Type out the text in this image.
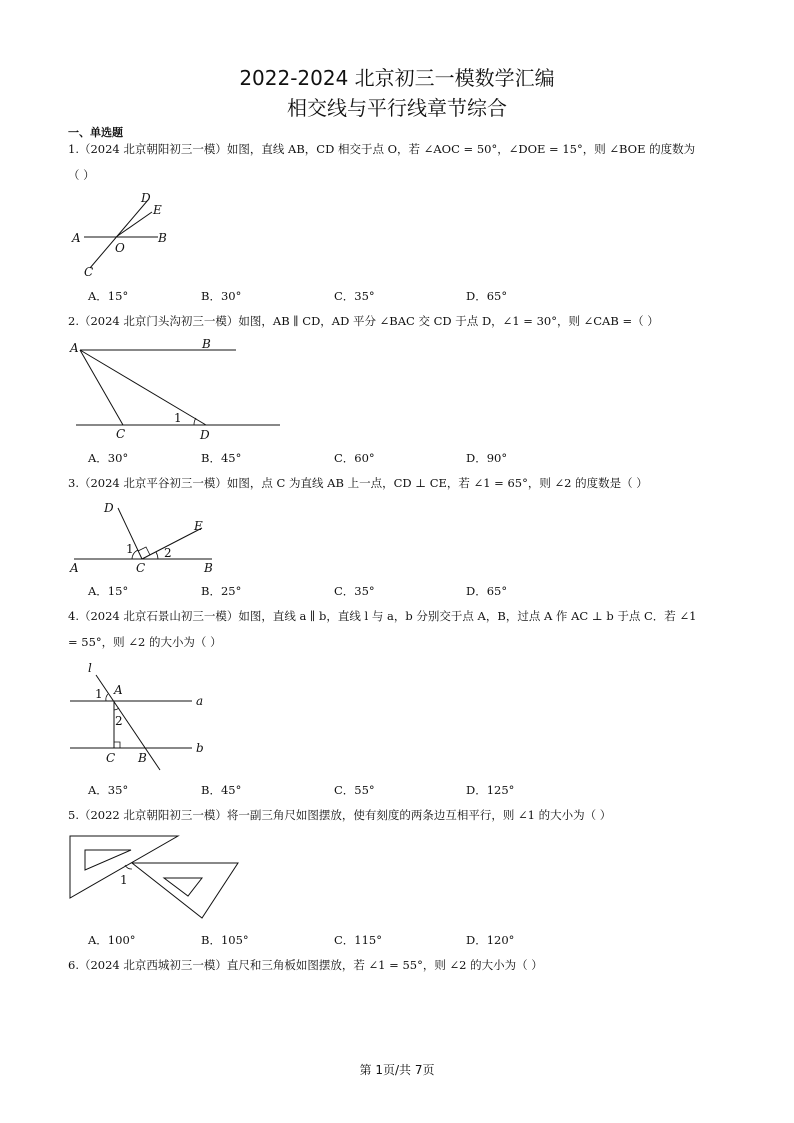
2022-2024 北京初三一模数学汇编
相交线与平行线章节综合
一、单选题
1.（2024 北京朝阳初三一模）如图，直线 AB，CD 相交于点 O，若 ∠AOC = 50°，∠DOE = 15°，则 ∠BOE 的度数为（ ）
A	B
C
D
E
O
A．15°	B．30°	C．35°	D．65°
2.（2024 北京门头沟初三一模）如图，AB ∥ CD，AD 平分 ∠BAC 交 CD 于点 D，∠1 = 30°，则 ∠CAB =（ ）
A	B
C	D
1
A．30°	B．45°	C．60°	D．90°
3.（2024 北京平谷初三一模）如图，点 C 为直线 AB 上一点，CD ⊥ CE，若 ∠1 = 65°，则 ∠2 的度数是（ ）
D
E
A	C	B
1	2
A．15°	B．25°	C．35°	D．65°
4.（2024 北京石景山初三一模）如图，直线 a ∥ b，直线 l 与 a，b 分别交于点 A，B，过点 A 作 AC ⊥ b 于点 C．若 ∠1 = 55°，则 ∠2 的大小为（ ）
l
A
a
b
C B
1
2
A．35°	B．45°	C．55°	D．125°
5.（2022 北京朝阳初三一模）将一副三角尺如图摆放，使有刻度的两条边互相平行，则 ∠1 的大小为（ ）
1
A．100°	B．105°	C．115°	D．120°
6.（2024 北京西城初三一模）直尺和三角板如图摆放，若 ∠1 = 55°，则 ∠2 的大小为（ ）
第 1页/共 7页
